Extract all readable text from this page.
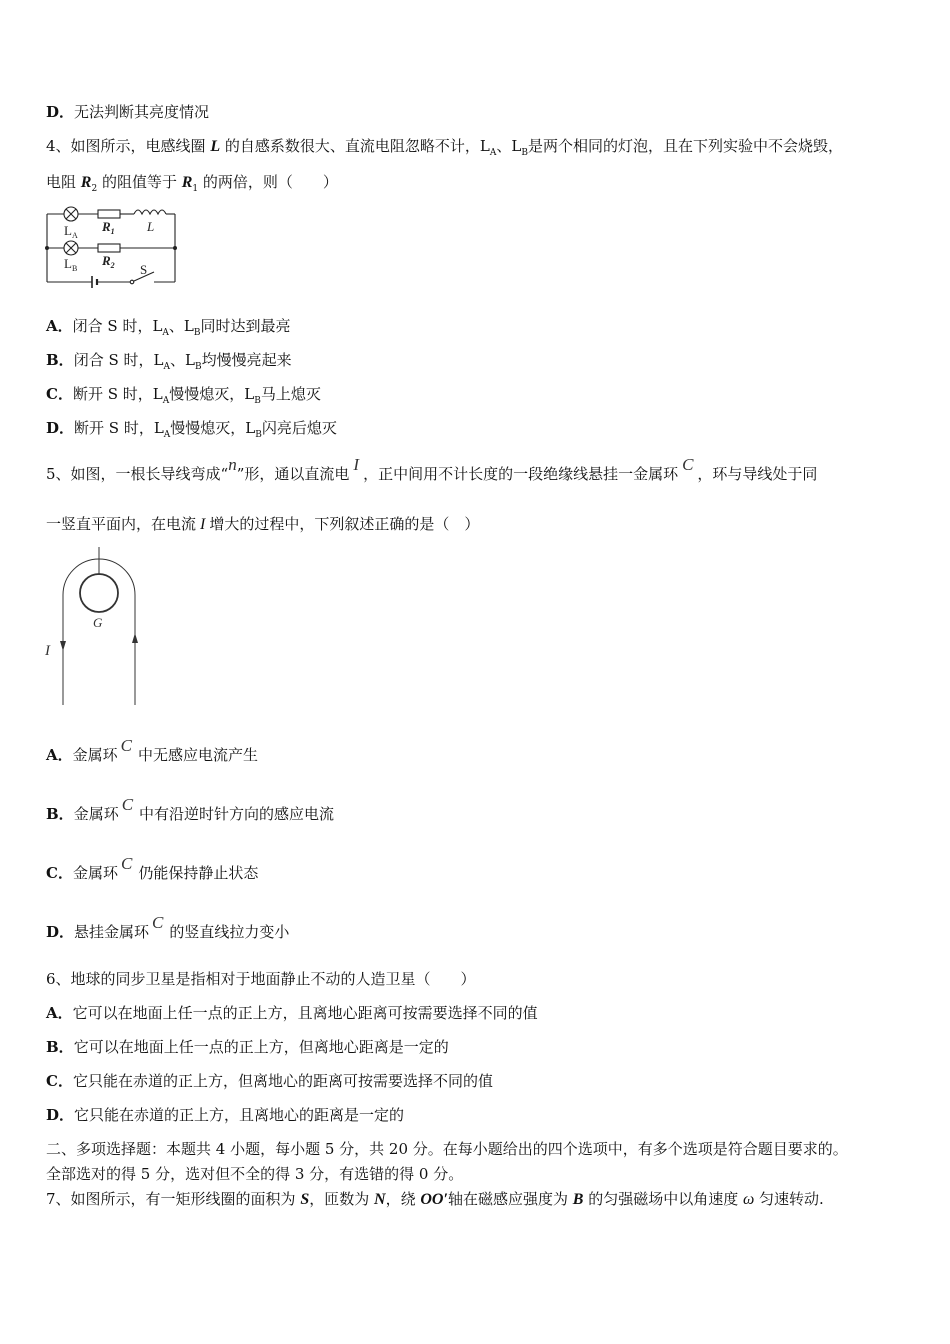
D．无法判断其亮度情况
4、如图所示，电感线圈 L 的自感系数很大、直流电阻忽略不计，$L_A$、$L_B$是两个相同的灯泡，且在下列实验中不会烧毁，
电阻 $R_2$ 的阻值等于 $R_1$ 的两倍，则（　　）
$L_A$
$L_B$
$R_1$
$R_2$
L
S
A．闭合 S 时，$L_A$、$L_B$同时达到最亮
B．闭合 S 时，$L_A$、$L_B$均慢慢亮起来
C．断开 S 时，$L_A$慢慢熄灭，$L_B$马上熄灭
D．断开 S 时，$L_A$慢慢熄灭，$L_B$闪亮后熄灭
5、如图，一根长导线弯成“n”形，通以直流电 I ，正中间用不计长度的一段绝缘线悬挂一金属环 C ，环与导线处于同
一竖直平面内，在电流 I 增大的过程中，下列叙述正确的是（　）
G
I
A．金属环 C 中无感应电流产生
B．金属环 C 中有沿逆时针方向的感应电流
C．金属环 C 仍能保持静止状态
D．悬挂金属环 C 的竖直线拉力变小
6、地球的同步卫星是指相对于地面静止不动的人造卫星（　　）
A．它可以在地面上任一点的正上方，且离地心距离可按需要选择不同的值
B．它可以在地面上任一点的正上方，但离地心距离是一定的
C．它只能在赤道的正上方，但离地心的距离可按需要选择不同的值
D．它只能在赤道的正上方，且离地心的距离是一定的
二、多项选择题：本题共 4 小题，每小题 5 分，共 20 分。在每小题给出的四个选项中，有多个选项是符合题目要求的。
全部选对的得 5 分，选对但不全的得 3 分，有选错的得 0 分。
7、如图所示，有一矩形线圈的面积为 S，匝数为 N，绕 OO′轴在磁感应强度为 B 的匀强磁场中以角速度 ω 匀速转动.
